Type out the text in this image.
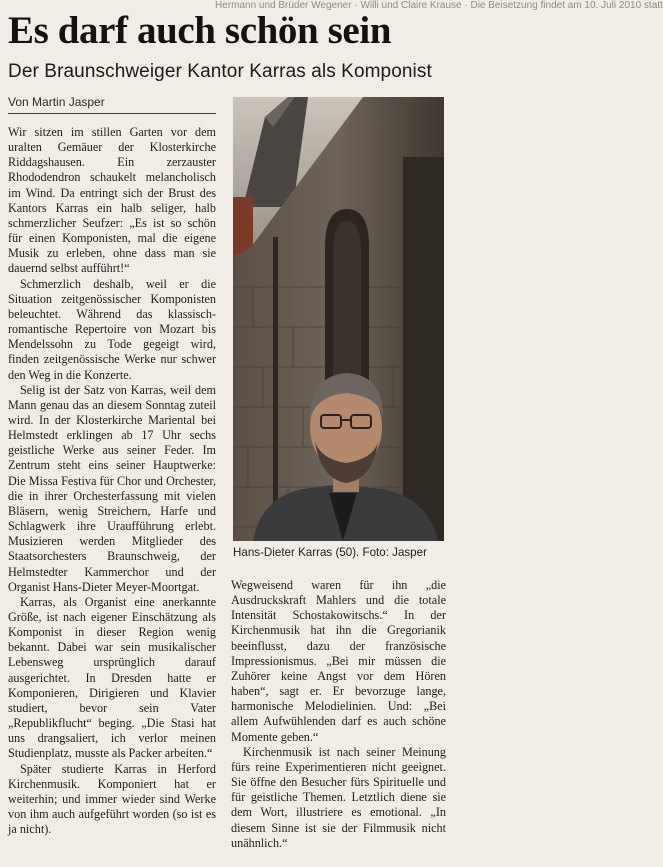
Hermann und Brüder Wegener · Willi und Claire Krause · Die Beisetzung findet am 10. Juli 2010 statt
Es darf auch schön sein
Der Braunschweiger Kantor Karras als Komponist
Von Martin Jasper

Wir sitzen im stillen Garten vor dem uralten Gemäuer der Klosterkirche Riddagshausen. Ein zerzauster Rhododendron schaukelt melancholisch im Wind. Da entringt sich der Brust des Kantors Karras ein halb seliger, halb schmerzlicher Seufzer: „Es ist so schön für einen Komponisten, mal die eigene Musik zu erleben, ohne dass man sie dauernd selbst aufführt!“

Schmerzlich deshalb, weil er die Situation zeitgenössischer Komponisten beleuchtet. Während das klassisch-romantische Repertoire von Mozart bis Mendelssohn zu Tode gegeigt wird, finden zeitgenössische Werke nur schwer den Weg in die Konzerte.

Selig ist der Satz von Karras, weil dem Mann genau das an diesem Sonntag zuteil wird. In der Klosterkirche Mariental bei Helmstedt erklingen ab 17 Uhr sechs geistliche Werke aus seiner Feder. Im Zentrum steht eins seiner Hauptwerke: Die Missa Festiva für Chor und Orchester, die in ihrer Orchesterfassung mit vielen Bläsern, wenig Streichern, Harfe und Schlagwerk ihre Uraufführung erlebt. Musizieren werden Mitglieder des Staatsorchesters Braunschweig, der Helmstedter Kammerchor und der Organist Hans-Dieter Meyer-Moortgat.

Karras, als Organist eine anerkannte Größe, ist nach eigener Einschätzung als Komponist in dieser Region wenig bekannt. Dabei war sein musikalischer Lebensweg ursprünglich darauf ausgerichtet. In Dresden hatte er Komponieren, Dirigieren und Klavier studiert, bevor sein Vater „Republikflucht“ beging. „Die Stasi hat uns drangsaliert, ich verlor meinen Studienplatz, musste als Packer arbeiten.“

Später studierte Karras in Herford Kirchenmusik. Komponiert hat er weiterhin; und immer wieder sind Werke von ihm auch aufgeführt worden (so ist es ja nicht).

Hans-Dieter Karras (50). Foto: Jasper

Wegweisend waren für ihn „die Ausdruckskraft Mahlers und die totale Intensität Schostakowitschs.“ In der Kirchenmusik hat ihn die Gregorianik beeinflusst, dazu der französische Impressionismus. „Bei mir müssen die Zuhörer keine Angst vor dem Hören haben“, sagt er. Er bevorzuge lange, harmonische Melodielinien. Und: „Bei allem Aufwühlenden darf es auch schöne Momente geben.“

Kirchenmusik ist nach seiner Meinung fürs reine Experimentieren nicht geeignet. Sie öffne den Besucher fürs Spirituelle und für geistliche Themen. Letztlich diene sie dem Wort, illustriere es emotional. „In diesem Sinne ist sie der Filmmusik nicht unähnlich.“
